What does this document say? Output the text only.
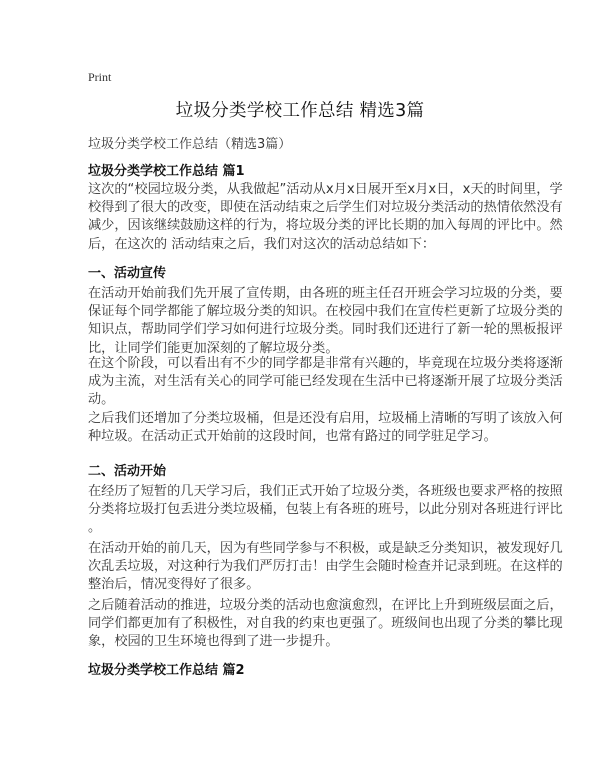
Print
垃圾分类学校工作总结 精选3篇
垃圾分类学校工作总结（精选3篇）
垃圾分类学校工作总结 篇1
这次的“校园垃圾分类，从我做起”活动从x月x日展开至x月x日，x天的时间里，学
校得到了很大的改变，即使在活动结束之后学生们对垃圾分类活动的热情依然没有
减少，因该继续鼓励这样的行为，将垃圾分类的评比长期的加入每周的评比中。然
后，在这次的 活动结束之后，我们对这次的活动总结如下：
一、活动宣传
在活动开始前我们先开展了宣传期，由各班的班主任召开班会学习垃圾的分类，要
保证每个同学都能了解垃圾分类的知识。在校园中我们在宣传栏更新了垃圾分类的
知识点，帮助同学们学习如何进行垃圾分类。同时我们还进行了新一轮的黑板报评
比，让同学们能更加深刻的了解垃圾分类。
在这个阶段，可以看出有不少的同学都是非常有兴趣的，毕竟现在垃圾分类将逐渐
成为主流，对生活有关心的同学可能已经发现在生活中已将逐渐开展了垃圾分类活
动。
之后我们还增加了分类垃圾桶，但是还没有启用，垃圾桶上清晰的写明了该放入何
种垃圾。在活动正式开始前的这段时间，也常有路过的同学驻足学习。
二、活动开始
在经历了短暂的几天学习后，我们正式开始了垃圾分类，各班级也要求严格的按照
分类将垃圾打包丢进分类垃圾桶，包装上有各班的班号，以此分别对各班进行评比
。
在活动开始的前几天，因为有些同学参与不积极，或是缺乏分类知识，被发现好几
次乱丢垃圾，对这种行为我们严厉打击！由学生会随时检查并记录到班。在这样的
整治后，情况变得好了很多。
之后随着活动的推进，垃圾分类的活动也愈演愈烈，在评比上升到班级层面之后，
同学们都更加有了积极性，对自我的约束也更强了。班级间也出现了分类的攀比现
象，校园的卫生环境也得到了进一步提升。
垃圾分类学校工作总结 篇2
